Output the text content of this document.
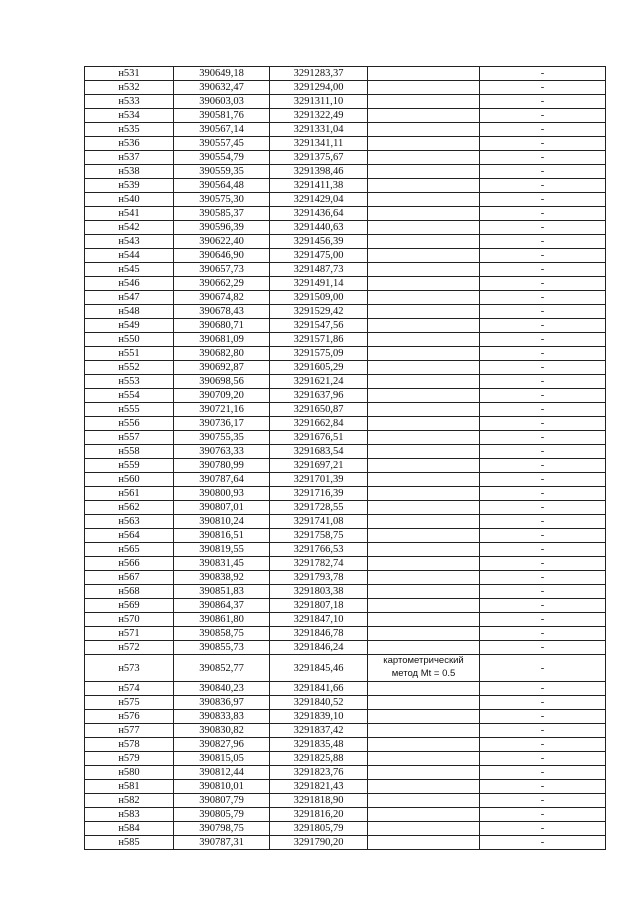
н531	390649,18	3291283,37		-
н532	390632,47	3291294,00		-
н533	390603,03	3291311,10		-
н534	390581,76	3291322,49		-
н535	390567,14	3291331,04		-
н536	390557,45	3291341,11		-
н537	390554,79	3291375,67		-
н538	390559,35	3291398,46		-
н539	390564,48	3291411,38		-
н540	390575,30	3291429,04		-
н541	390585,37	3291436,64		-
н542	390596,39	3291440,63		-
н543	390622,40	3291456,39		-
н544	390646,90	3291475,00		-
н545	390657,73	3291487,73		-
н546	390662,29	3291491,14		-
н547	390674,82	3291509,00		-
н548	390678,43	3291529,42		-
н549	390680,71	3291547,56		-
н550	390681,09	3291571,86		-
н551	390682,80	3291575,09		-
н552	390692,87	3291605,29		-
н553	390698,56	3291621,24		-
н554	390709,20	3291637,96		-
н555	390721,16	3291650,87		-
н556	390736,17	3291662,84		-
н557	390755,35	3291676,51		-
н558	390763,33	3291683,54		-
н559	390780,99	3291697,21		-
н560	390787,64	3291701,39		-
н561	390800,93	3291716,39		-
н562	390807,01	3291728,55		-
н563	390810,24	3291741,08		-
н564	390816,51	3291758,75		-
н565	390819,55	3291766,53		-
н566	390831,45	3291782,74		-
н567	390838,92	3291793,78		-
н568	390851,83	3291803,38		-
н569	390864,37	3291807,18		-
н570	390861,80	3291847,10		-
н571	390858,75	3291846,78		-
н572	390855,73	3291846,24		-
н573	390852,77	3291845,46	картометрический
метод Mt = 0.5	-
н574	390840,23	3291841,66		-
н575	390836,97	3291840,52		-
н576	390833,83	3291839,10		-
н577	390830,82	3291837,42		-
н578	390827,96	3291835,48		-
н579	390815,05	3291825,88		-
н580	390812,44	3291823,76		-
н581	390810,01	3291821,43		-
н582	390807,79	3291818,90		-
н583	390805,79	3291816,20		-
н584	390798,75	3291805,79		-
н585	390787,31	3291790,20		-
